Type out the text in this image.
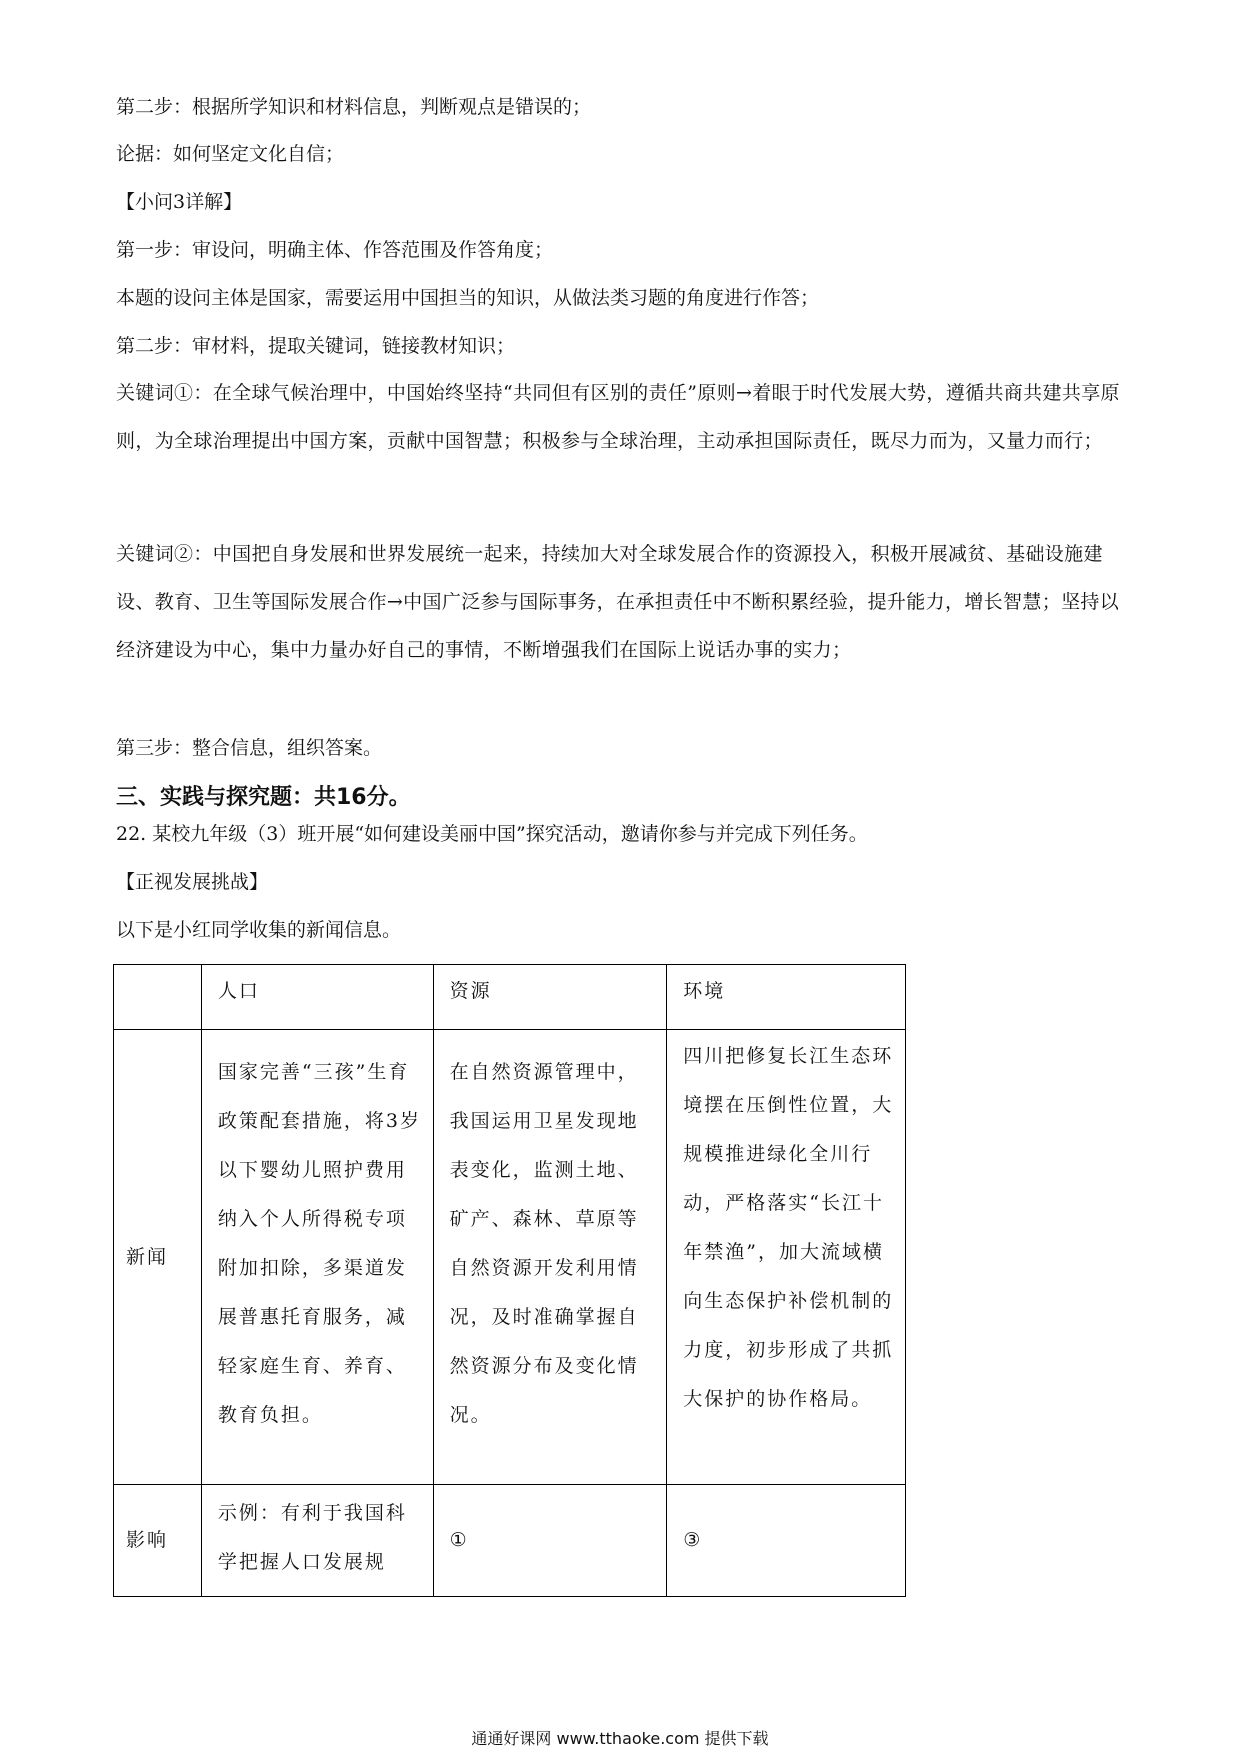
第二步：根据所学知识和材料信息，判断观点是错误的；
论据：如何坚定文化自信；
【小问3详解】
第一步：审设问，明确主体、作答范围及作答角度；
本题的设问主体是国家，需要运用中国担当的知识，从做法类习题的角度进行作答；
第二步：审材料，提取关键词，链接教材知识；
关键词①：在全球气候治理中，中国始终坚持“共同但有区别的责任”原则→着眼于时代发展大势，遵循共商共建共享原则，为全球治理提出中国方案，贡献中国智慧；积极参与全球治理，主动承担国际责任，既尽力而为，又量力而行；
关键词②：中国把自身发展和世界发展统一起来，持续加大对全球发展合作的资源投入，积极开展减贫、基础设施建设、教育、卫生等国际发展合作→中国广泛参与国际事务，在承担责任中不断积累经验，提升能力，增长智慧；坚持以经济建设为中心，集中力量办好自己的事情，不断增强我们在国际上说话办事的实力；
第三步：整合信息，组织答案。
三、实践与探究题：共16分。
22. 某校九年级（3）班开展“如何建设美丽中国”探究活动，邀请你参与并完成下列任务。
【正视发展挑战】
以下是小红同学收集的新闻信息。

	人口	资源	环境

新闻	国家完善“三孩”生育政策配套措施，将3岁以下婴幼儿照护费用纳入个人所得税专项附加扣除，多渠道发展普惠托育服务，减轻家庭生育、养育、教育负担。	在自然资源管理中，我国运用卫星发现地表变化，监测土地、矿产、森林、草原等自然资源开发利用情况，及时准确掌握自然资源分布及变化情况。	四川把修复长江生态环境摆在压倒性位置，大规模推进绿化全川行动，严格落实“长江十年禁渔”，加大流域横向生态保护补偿机制的力度，初步形成了共抓大保护的协作格局。

影响	示例：有利于我国科学把握人口发展规	①	③
通通好课网 www.tthaoke.com 提供下载
